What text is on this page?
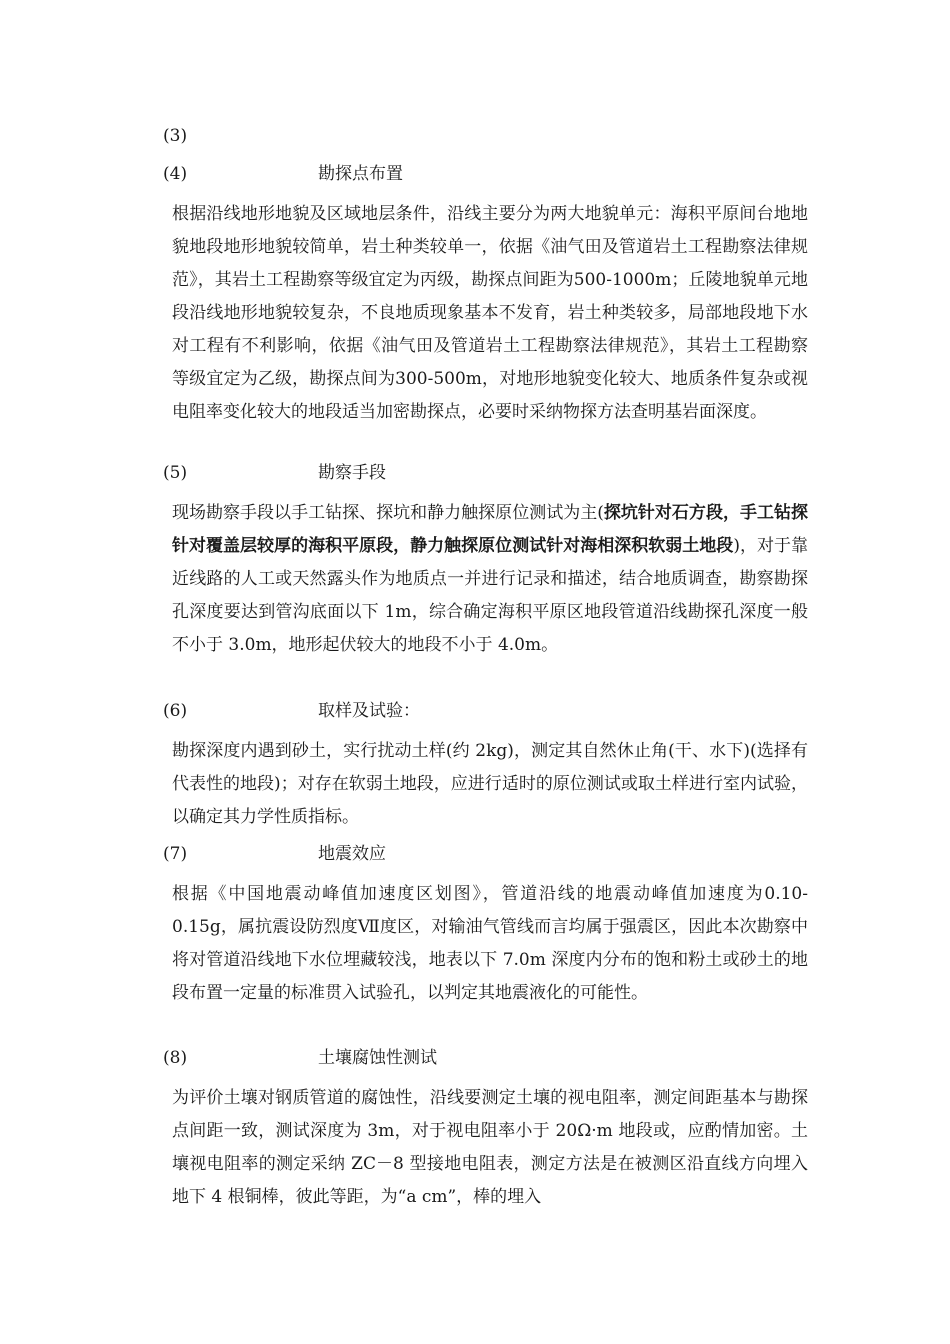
(3)
(4)	勘探点布置

根据沿线地形地貌及区域地层条件，沿线主要分为两大地貌单元：海积平原间台地地貌地段地形地貌较简单，岩土种类较单一，依据《油气田及管道岩土工程勘察法律规范》，其岩土工程勘察等级宜定为丙级，勘探点间距为500-1000m；丘陵地貌单元地段沿线地形地貌较复杂，不良地质现象基本不发育，岩土种类较多，局部地段地下水对工程有不利影响，依据《油气田及管道岩土工程勘察法律规范》，其岩土工程勘察等级宜定为乙级，勘探点间为300-500m，对地形地貌变化较大、地质条件复杂或视电阻率变化较大的地段适当加密勘探点，必要时采纳物探方法查明基岩面深度。

(5)	勘察手段

现场勘察手段以手工钻探、探坑和静力触探原位测试为主(探坑针对石方段，手工钻探针对覆盖层较厚的海积平原段，静力触探原位测试针对海相深积软弱土地段)，对于靠近线路的人工或天然露头作为地质点一并进行记录和描述，结合地质调查，勘察勘探孔深度要达到管沟底面以下 1m，综合确定海积平原区地段管道沿线勘探孔深度一般不小于 3.0m，地形起伏较大的地段不小于 4.0m。

(6)	取样及试验：

勘探深度内遇到砂土，实行扰动土样(约 2kg)，测定其自然休止角(干、水下)(选择有代表性的地段)；对存在软弱土地段，应进行适时的原位测试或取土样进行室内试验，以确定其力学性质指标。

(7)	地震效应

根据《中国地震动峰值加速度区划图》，管道沿线的地震动峰值加速度为0.10-0.15g，属抗震设防烈度Ⅶ度区，对输油气管线而言均属于强震区，因此本次勘察中将对管道沿线地下水位埋藏较浅，地表以下 7.0m 深度内分布的饱和粉土或砂土的地段布置一定量的标准贯入试验孔，以判定其地震液化的可能性。

(8)	土壤腐蚀性测试

为评价土壤对钢质管道的腐蚀性，沿线要测定土壤的视电阻率，测定间距基本与勘探点间距一致，测试深度为 3m，对于视电阻率小于 20Ω·m 地段或，应酌情加密。土壤视电阻率的测定采纳 ZC－8 型接地电阻表，测定方法是在被测区沿直线方向埋入地下 4 根铜棒，彼此等距，为“a cm”，棒的埋入
